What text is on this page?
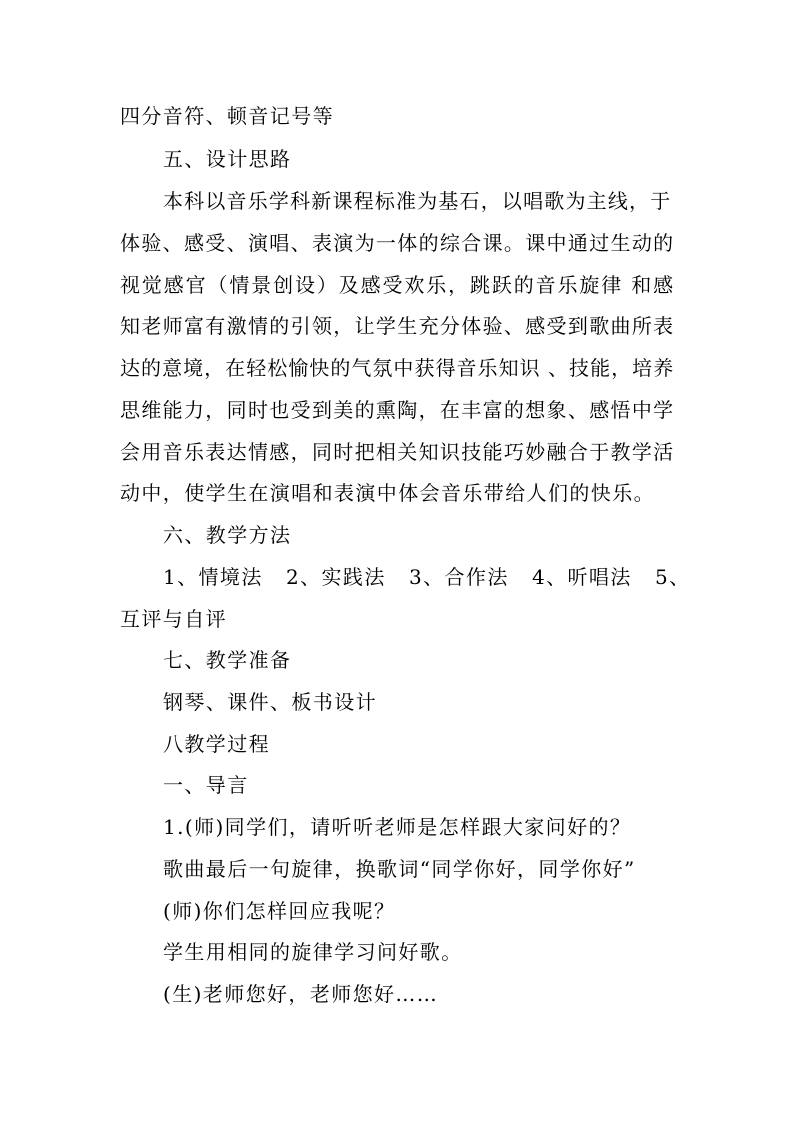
四分音符、顿音记号等
五、设计思路
本科以音乐学科新课程标准为基石，以唱歌为主线，于
体验、感受、演唱、表演为一体的综合课。课中通过生动的
视觉感官（情景创设）及感受欢乐，跳跃的音乐旋律 和感
知老师富有激情的引领，让学生充分体验、感受到歌曲所表
达的意境，在轻松愉快的气氛中获得音乐知识 、技能，培养
思维能力，同时也受到美的熏陶，在丰富的想象、感悟中学
会用音乐表达情感，同时把相关知识技能巧妙融合于教学活
动中，使学生在演唱和表演中体会音乐带给人们的快乐。
六、教学方法
1、情境法   2、实践法   3、合作法   4、听唱法   5、
互评与自评
七、教学准备
钢琴、课件、板书设计
八教学过程
一、导言
1.(师)同学们，请听听老师是怎样跟大家问好的？
歌曲最后一句旋律，换歌词“同学你好，同学你好”
(师)你们怎样回应我呢？
学生用相同的旋律学习问好歌。
(生)老师您好，老师您好……
